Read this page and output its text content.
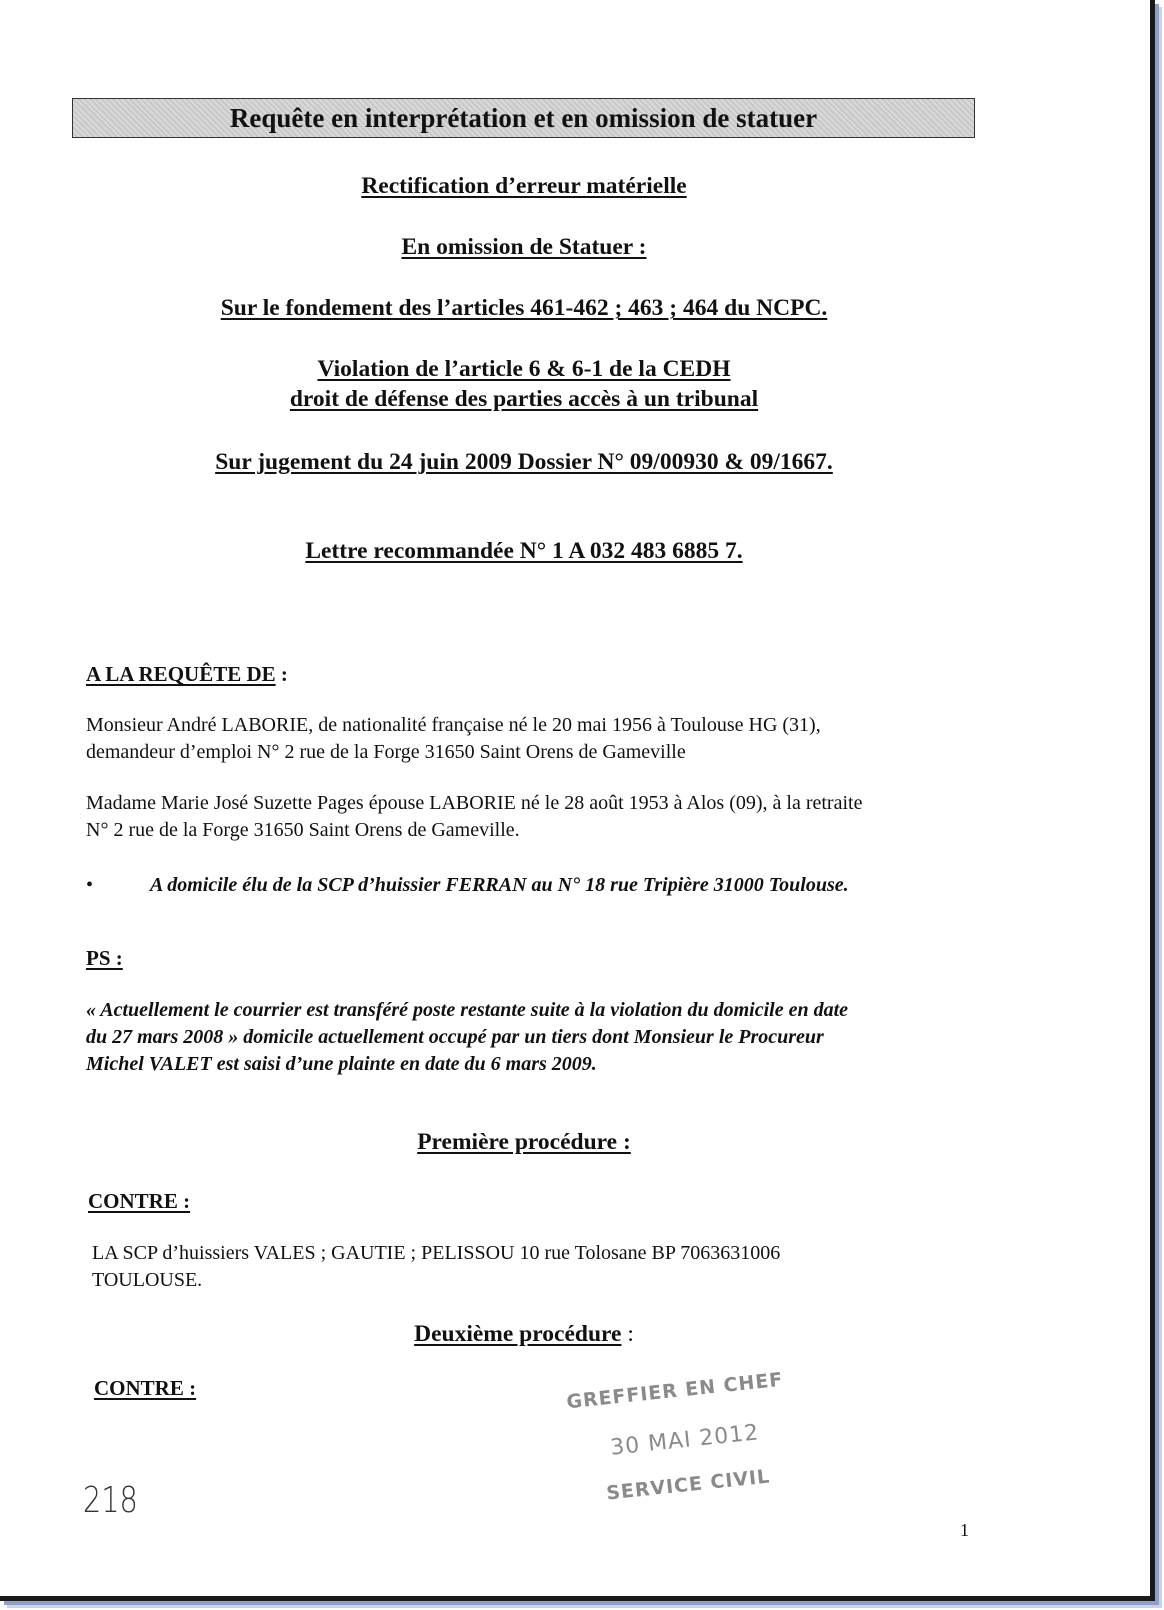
Requête en interprétation et en omission de statuer
Rectification d’erreur matérielle
En omission de Statuer :
Sur le fondement des l’articles 461-462 ; 463 ; 464 du NCPC.
Violation de l’article 6 & 6-1 de la CEDH
droit de défense des parties accès à un tribunal
Sur jugement du 24 juin 2009 Dossier N° 09/00930 & 09/1667.
Lettre recommandée N° 1 A 032 483 6885 7.
A LA REQUÊTE DE :
Monsieur André LABORIE, de nationalité française né le 20 mai 1956 à Toulouse HG (31),
demandeur d’emploi N° 2 rue de la Forge 31650 Saint Orens de Gameville
Madame Marie José Suzette Pages épouse LABORIE né le 28 août 1953 à Alos (09), à la retraite
N° 2 rue de la Forge 31650 Saint Orens de Gameville.
•	A domicile élu de la SCP d’huissier FERRAN au N° 18 rue Tripière 31000 Toulouse.
PS :
« Actuellement le courrier est transféré poste restante suite à la violation du domicile en date
du 27 mars 2008 » domicile actuellement occupé par un tiers dont Monsieur le Procureur
Michel VALET est saisi d’une plainte en date du 6 mars 2009.
Première procédure :
CONTRE :
LA SCP d’huissiers VALES ; GAUTIE ; PELISSOU 10 rue Tolosane BP 7063631006
TOULOUSE.
Deuxième procédure :
CONTRE :	GREFFIER EN CHEF
30 MAI 2012
SERVICE CIVIL
218
1
